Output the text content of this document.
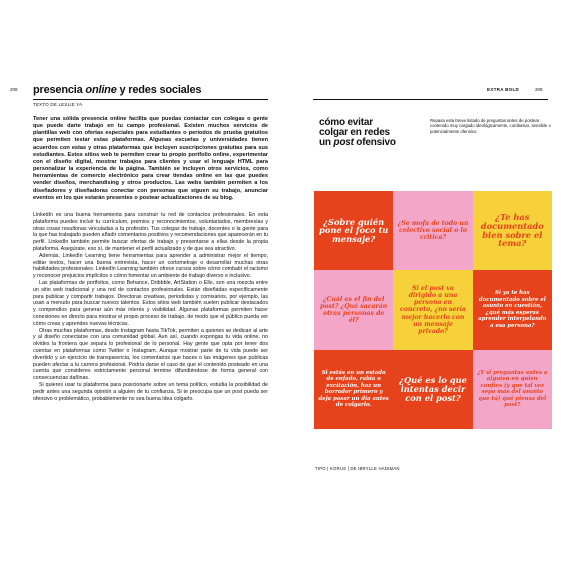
208 presencia online y redes sociales
TEXTO DE LESLIE YA

Tener una sólida presencia online facilita que puedas contactar con colegas o gente que puede darte trabajo en tu campo profesional. Existen muchos servicios de plantillas web con ofertas especiales para estudiantes o periodos de prueba gratuitos que permiten testar estas plataformas. Algunas escuelas y universidades tienen acuerdos con estas y otras plataformas que incluyen suscripciones gratuitas para sus estudiantes. Estos sitios web te permiten crear tu propio portfolio online, experimentar con el diseño digital, mostrar trabajos para clientes y usar el lenguaje HTML para personalizar la experiencia de la página. También se incluyen otros servicios, como herramientas de comercio electrónico para crear tiendas online en las que puedes vender diseños, merchandising y otros productos. Las webs también permiten a los diseñadores y diseñadoras conectar con personas que siguen su trabajo, anunciar eventos en los que estarán presentes o postear actualizaciones de su blog.

LinkedIn es una buena herramienta para construir tu red de contactos profesionales. En esta plataforma puedes incluir tu currículum, premios y reconocimientos, voluntariados, membresías y otras cosas resultonas vinculadas a tu profesión. Tus colegas de trabajo, docentes o la gente para la que has trabajado pueden añadir comentarios positivos y recomendaciones que aparecerán en tu perfil. LinkedIn también permite buscar ofertas de trabajo y presentarse a ellas desde la propia plataforma. Asegúrate, eso sí, de mantener el perfil actualizado y de que sea atractivo.

Además, LinkedIn Learning tiene herramientas para aprender a administrar mejor el tiempo, editar textos, hacer una buena entrevista, hacer un cortometraje o desarrollar muchas otras habilidades profesionales. LinkedIn Learning también ofrece cursos sobre cómo combatir el racismo y reconocer prejuicios implícitos o cómo fomentar un ambiente de trabajo diverso e inclusivo.

Las plataformas de portfolios, como Behance, Dribbble, ArtStation o Ello, son una mezcla entre un sitio web tradicional y una red de contactos profesionales. Están diseñadas específicamente para publicar y compartir trabajos. Directoras creativas, periodistas y comisarios, por ejemplo, las usan a menudo para buscar nuevos talentos. Estos sitios web también suelen publicar destacados y compendios para generar aún más interés y visibilidad. Algunas plataformas permiten hacer conexiones en directo para mostrar el propio proceso de trabajo, de modo que el público pueda ver cómo creas y aprendes nuevas técnicas.

Otras muchas plataformas, desde Instagram hasta TikTok, permiten a quienes se dedican al arte y al diseño conectarse con una comunidad global. Aun así, cuando expongas tu vida online, no olvides la frontera que separa lo profesional de lo personal. Hay gente que opta por tener dos cuentas en plataformas como Twitter o Instagram. Aunque mostrar parte de tu vida puede ser divertido y un ejercicio de transparencia, los comentarios que haces o las imágenes que publicas pueden afectar a tu carrera profesional. Podría darse el caso de que el contenido posteado en una cuenta que consideres estrictamente personal termine difundiéndose de forma general con consecuencias dañinas.

Si quieres usar tu plataforma para posicionarte sobre un tema político, estudia la posibilidad de pedir antes una segunda opinión a alguien de tu confianza. Si te preocupa que un post pueda ser ofensivo o problemático, probablemente no sea buena idea colgarlo.

EXTRA BOLD	209
cómo evitar
colgar en redes
un post ofensivo

Repasa esta breve listado de preguntas antes de postear contenido muy cargado ideológicamente, combativo, sensible o potencialmente ofensivo.

¿Sobre quién pone el foco tu mensaje?
¿Se mofa de todo un colectivo social o lo critica?
¿Te has documentado bien sobre el tema?
¿Cuál es el fin del post? ¿Qué sacarán otras personas de él?
Si el post va dirigido a una persona en concreto, ¿no sería mejor hacerlo con un mensaje privado?
Si ya te has documentado sobre el asunto en cuestión, ¿qué más esperas aprender interpelando a esa persona?
Si estás en un estado de enfado, rabia o excitación, haz un borrador primero y deja pasar un día antes de colgarlo.
¿Qué es lo que intentas decir con el post?
¿Y si preguntas antes a alguien en quien confíes (y que tal vez sepa más del asunto que tú) qué piensa del post?
TIPO | KORUS | DE IBRYLLE HADIMAN
